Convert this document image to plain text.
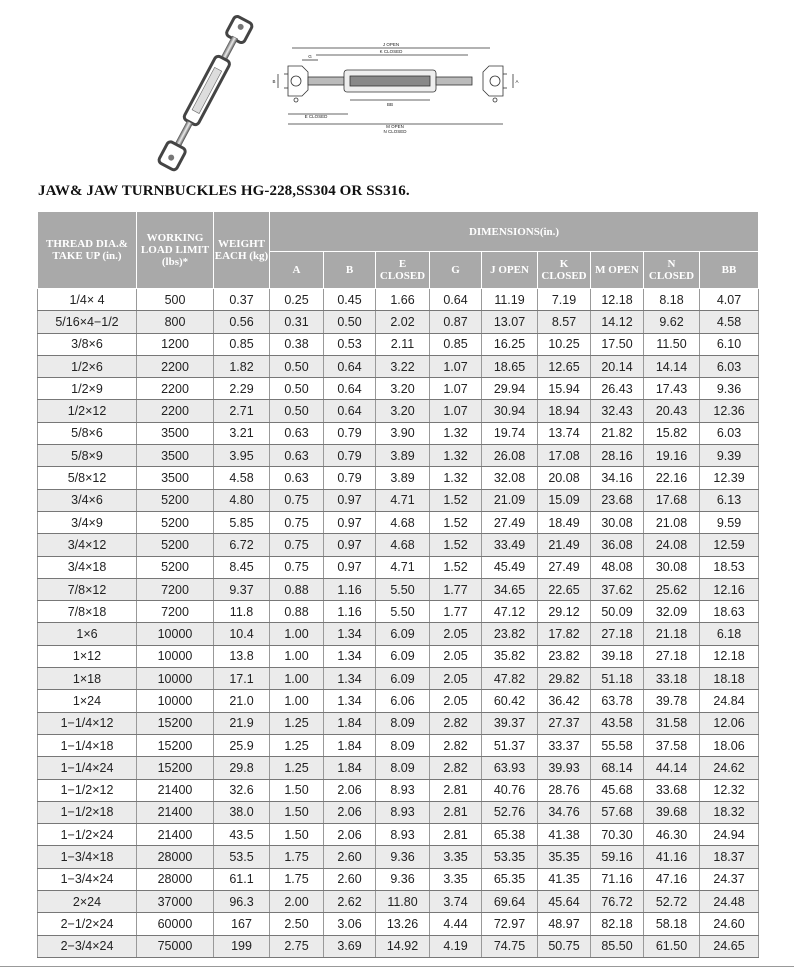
J OPEN
K CLOSED
G
BB
E CLOSED
M OPEN
N CLOSED
B	A
JAW& JAW TURNBUCKLES HG-228,SS304 OR SS316.
THREAD DIA.& TAKE UP (in.)	WORKING LOAD LIMIT (lbs)*	WEIGHT EACH (kg)	DIMENSIONS(in.)								
			A	B	E CLOSED	G	J OPEN	K CLOSED	M OPEN	N CLOSED	BB
1/4× 4	500	0.37	0.25	0.45	1.66	0.64	11.19	7.19	12.18	8.18	4.07
5/16×4−1/2	800	0.56	0.31	0.50	2.02	0.87	13.07	8.57	14.12	9.62	4.58
3/8×6	1200	0.85	0.38	0.53	2.11	0.85	16.25	10.25	17.50	11.50	6.10
1/2×6	2200	1.82	0.50	0.64	3.22	1.07	18.65	12.65	20.14	14.14	6.03
1/2×9	2200	2.29	0.50	0.64	3.20	1.07	29.94	15.94	26.43	17.43	9.36
1/2×12	2200	2.71	0.50	0.64	3.20	1.07	30.94	18.94	32.43	20.43	12.36
5/8×6	3500	3.21	0.63	0.79	3.90	1.32	19.74	13.74	21.82	15.82	6.03
5/8×9	3500	3.95	0.63	0.79	3.89	1.32	26.08	17.08	28.16	19.16	9.39
5/8×12	3500	4.58	0.63	0.79	3.89	1.32	32.08	20.08	34.16	22.16	12.39
3/4×6	5200	4.80	0.75	0.97	4.71	1.52	21.09	15.09	23.68	17.68	6.13
3/4×9	5200	5.85	0.75	0.97	4.68	1.52	27.49	18.49	30.08	21.08	9.59
3/4×12	5200	6.72	0.75	0.97	4.68	1.52	33.49	21.49	36.08	24.08	12.59
3/4×18	5200	8.45	0.75	0.97	4.71	1.52	45.49	27.49	48.08	30.08	18.53
7/8×12	7200	9.37	0.88	1.16	5.50	1.77	34.65	22.65	37.62	25.62	12.16
7/8×18	7200	11.8	0.88	1.16	5.50	1.77	47.12	29.12	50.09	32.09	18.63
1×6	10000	10.4	1.00	1.34	6.09	2.05	23.82	17.82	27.18	21.18	6.18
1×12	10000	13.8	1.00	1.34	6.09	2.05	35.82	23.82	39.18	27.18	12.18
1×18	10000	17.1	1.00	1.34	6.09	2.05	47.82	29.82	51.18	33.18	18.18
1×24	10000	21.0	1.00	1.34	6.06	2.05	60.42	36.42	63.78	39.78	24.84
1−1/4×12	15200	21.9	1.25	1.84	8.09	2.82	39.37	27.37	43.58	31.58	12.06
1−1/4×18	15200	25.9	1.25	1.84	8.09	2.82	51.37	33.37	55.58	37.58	18.06
1−1/4×24	15200	29.8	1.25	1.84	8.09	2.82	63.93	39.93	68.14	44.14	24.62
1−1/2×12	21400	32.6	1.50	2.06	8.93	2.81	40.76	28.76	45.68	33.68	12.32
1−1/2×18	21400	38.0	1.50	2.06	8.93	2.81	52.76	34.76	57.68	39.68	18.32
1−1/2×24	21400	43.5	1.50	2.06	8.93	2.81	65.38	41.38	70.30	46.30	24.94
1−3/4×18	28000	53.5	1.75	2.60	9.36	3.35	53.35	35.35	59.16	41.16	18.37
1−3/4×24	28000	61.1	1.75	2.60	9.36	3.35	65.35	41.35	71.16	47.16	24.37
2×24	37000	96.3	2.00	2.62	11.80	3.74	69.64	45.64	76.72	52.72	24.48
2−1/2×24	60000	167	2.50	3.06	13.26	4.44	72.97	48.97	82.18	58.18	24.60
2−3/4×24	75000	199	2.75	3.69	14.92	4.19	74.75	50.75	85.50	61.50	24.65
